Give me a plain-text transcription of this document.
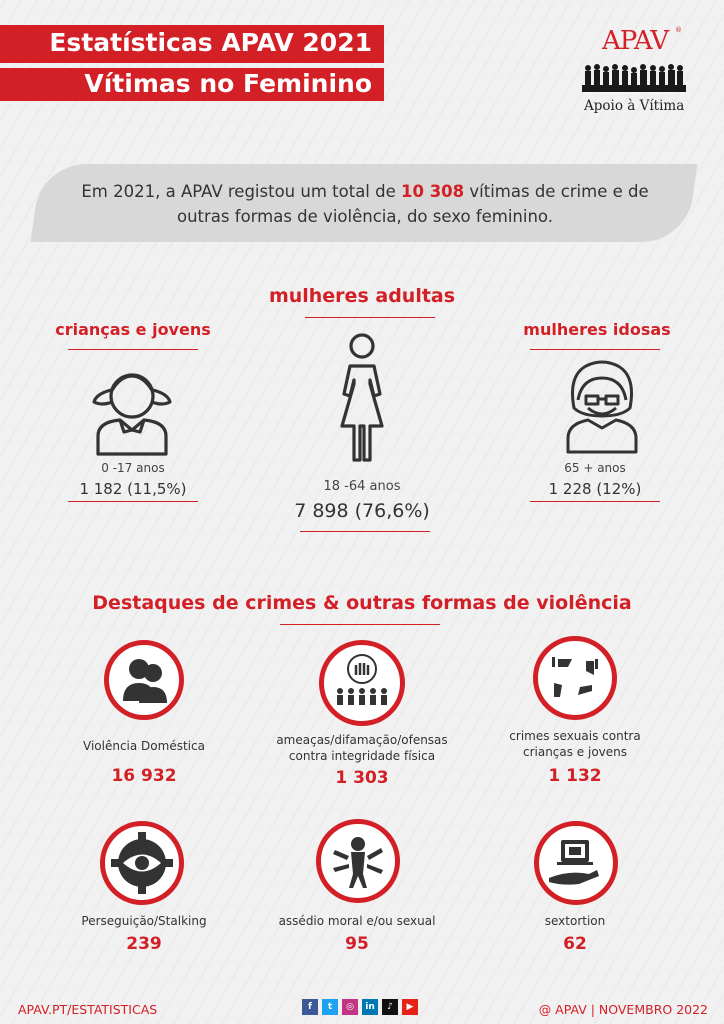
Estatísticas APAV 2021
Vítimas no Feminino
APAV ®
Apoio à Vítima
Em 2021, a APAV registou um total de 10 308 vítimas de crime e de outras formas de violência, do sexo feminino.
mulheres adultas
crianças e jovens	mulheres idosas
0 -17 anos
1 182 (11,5%)	18 -64 anos
7 898 (76,6%)
65 + anos
1 228 (12%)
Destaques de crimes & outras formas de violência
Violência Doméstica
16 932
ameaças/difamação/ofensas contra integridade física
1 303
crimes sexuais contra crianças e jovens
1 132
Perseguição/Stalking
239
assédio moral e/ou sexual
95
sextortion
62
APAV.PT/ESTATISTICAS	@ APAV | NOVEMBRO 2022
f	t	◎	in	♪	▶
